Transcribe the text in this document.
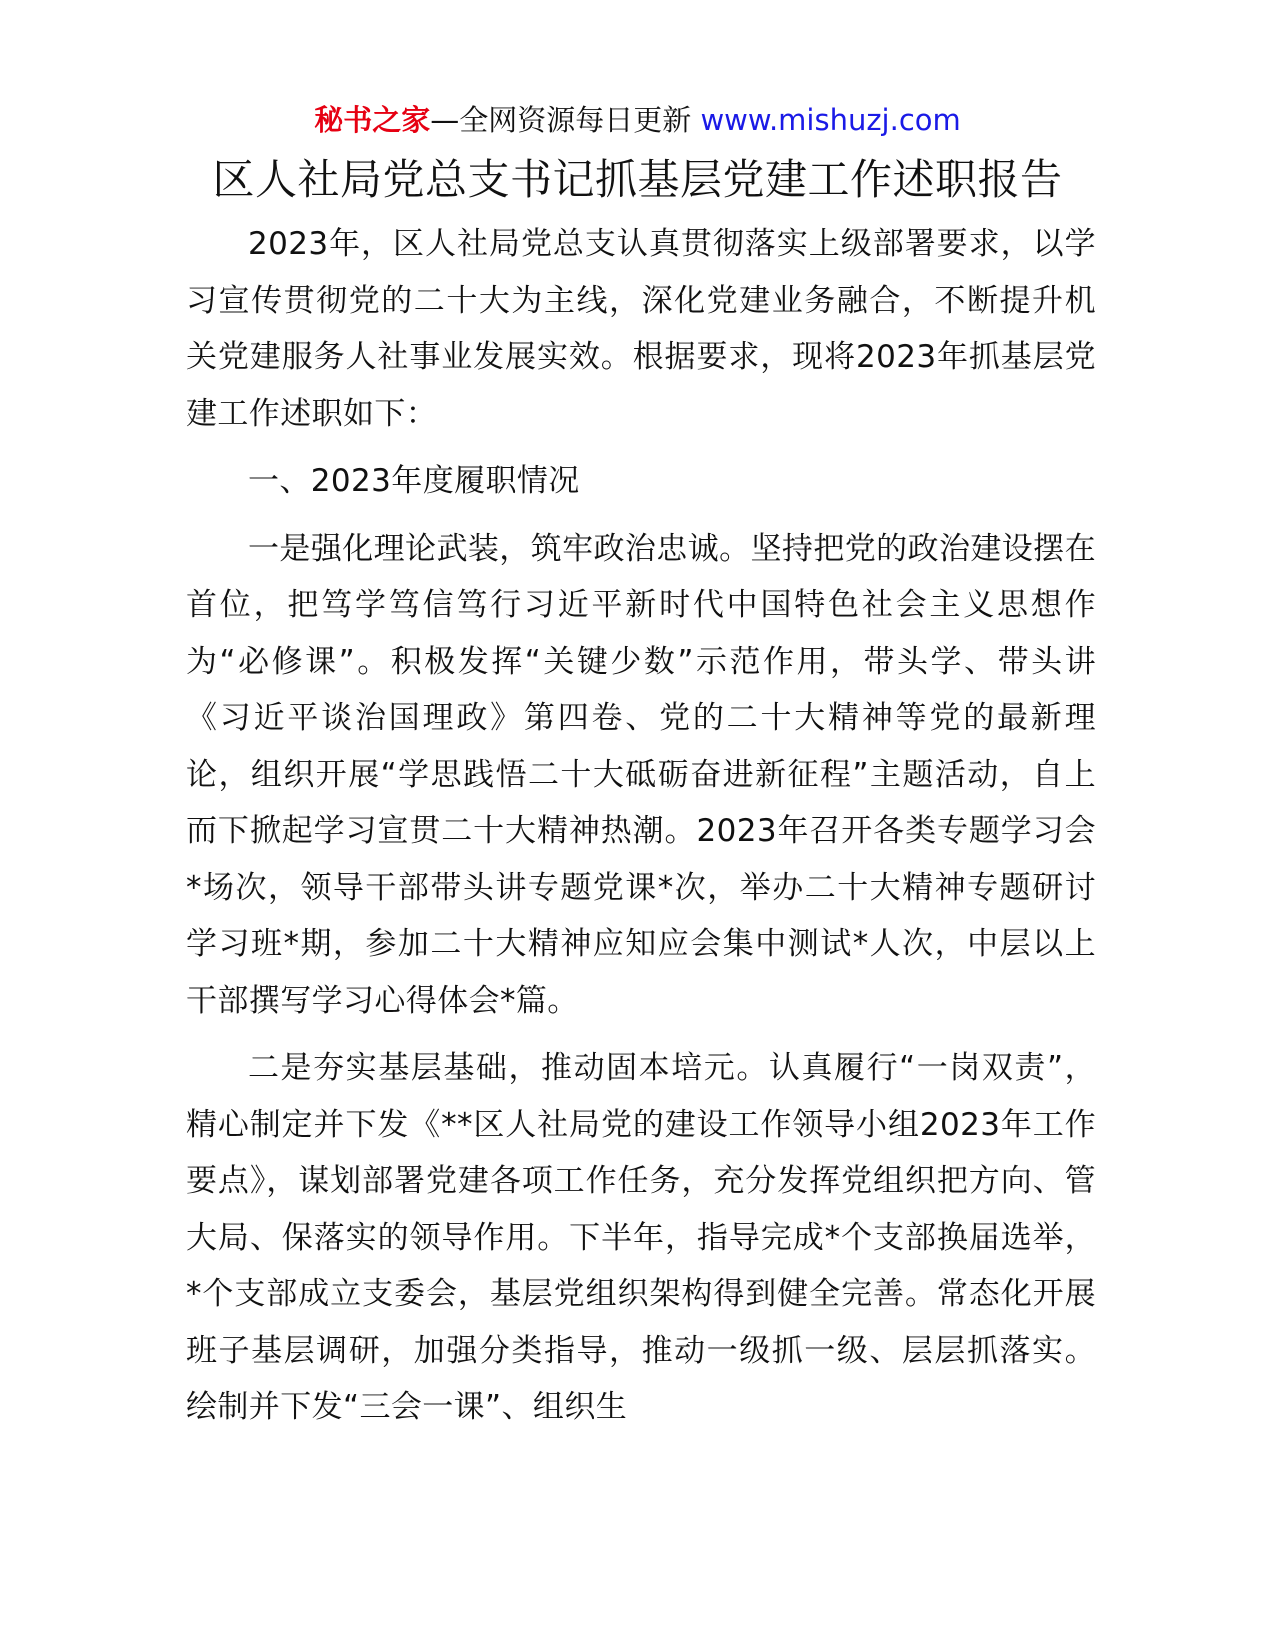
秘书之家—全网资源每日更新 www.mishuzj.com
区人社局党总支书记抓基层党建工作述职报告

2023年，区人社局党总支认真贯彻落实上级部署要求，以学习宣传贯彻党的二十大为主线，深化党建业务融合，不断提升机关党建服务人社事业发展实效。根据要求，现将2023年抓基层党建工作述职如下：

一、2023年度履职情况

一是强化理论武装，筑牢政治忠诚。坚持把党的政治建设摆在首位，把笃学笃信笃行习近平新时代中国特色社会主义思想作为“必修课”。积极发挥“关键少数”示范作用，带头学、带头讲《习近平谈治国理政》第四卷、党的二十大精神等党的最新理论，组织开展“学思践悟二十大砥砺奋进新征程”主题活动，自上而下掀起学习宣贯二十大精神热潮。2023年召开各类专题学习会*场次，领导干部带头讲专题党课*次，举办二十大精神专题研讨学习班*期，参加二十大精神应知应会集中测试*人次，中层以上干部撰写学习心得体会*篇。

二是夯实基层基础，推动固本培元。认真履行“一岗双责”，精心制定并下发《**区人社局党的建设工作领导小组2023年工作要点》，谋划部署党建各项工作任务，充分发挥党组织把方向、管大局、保落实的领导作用。下半年，指导完成*个支部换届选举，*个支部成立支委会，基层党组织架构得到健全完善。常态化开展班子基层调研，加强分类指导，推动一级抓一级、层层抓落实。绘制并下发“三会一课”、组织生
